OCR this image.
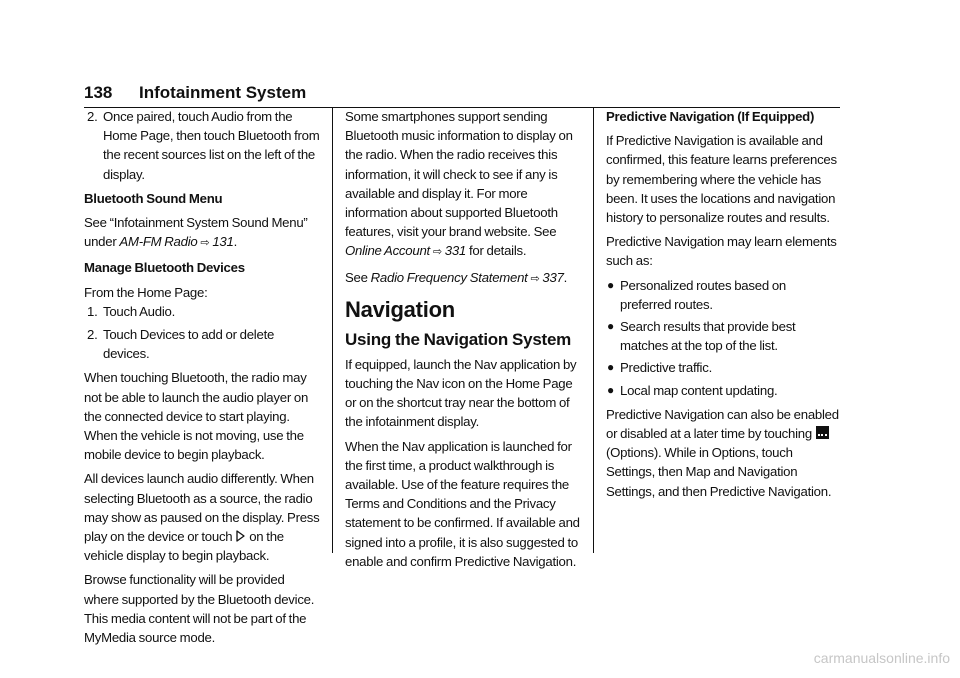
138 Infotainment System
2. Once paired, touch Audio from the Home Page, then touch Bluetooth from the recent sources list on the left of the display.

Bluetooth Sound Menu

See “Infotainment System Sound Menu” under AM-FM Radio ⇨ 131.

Manage Bluetooth Devices

From the Home Page:

1. Touch Audio.
2. Touch Devices to add or delete devices.

When touching Bluetooth, the radio may not be able to launch the audio player on the connected device to start playing. When the vehicle is not moving, use the mobile device to begin playback.

All devices launch audio differently. When selecting Bluetooth as a source, the radio may show as paused on the display. Press play on the device or touch on the vehicle display to begin playback.

Browse functionality will be provided where supported by the Bluetooth device. This media content will not be part of the MyMedia source mode.

Some smartphones support sending Bluetooth music information to display on the radio. When the radio receives this information, it will check to see if any is available and display it. For more information about supported Bluetooth features, visit your brand website. See Online Account ⇨ 331 for details.

See Radio Frequency Statement ⇨ 337.

Navigation
Using the Navigation System

If equipped, launch the Nav application by touching the Nav icon on the Home Page or on the shortcut tray near the bottom of the infotainment display.

When the Nav application is launched for the first time, a product walkthrough is available. Use of the feature requires the Terms and Conditions and the Privacy statement to be confirmed. If available and signed into a profile, it is also suggested to enable and confirm Predictive Navigation.

Predictive Navigation (If Equipped)

If Predictive Navigation is available and confirmed, this feature learns preferences by remembering where the vehicle has been. It uses the locations and navigation history to personalize routes and results.

Predictive Navigation may learn elements such as:

● Personalized routes based on preferred routes.
● Search results that provide best matches at the top of the list.
● Predictive traffic.
● Local map content updating.

Predictive Navigation can also be enabled or disabled at a later time by touching
(Options). While in Options, touch Settings, then Map and Navigation Settings, and then Predictive Navigation.

carmanualsonline.info
